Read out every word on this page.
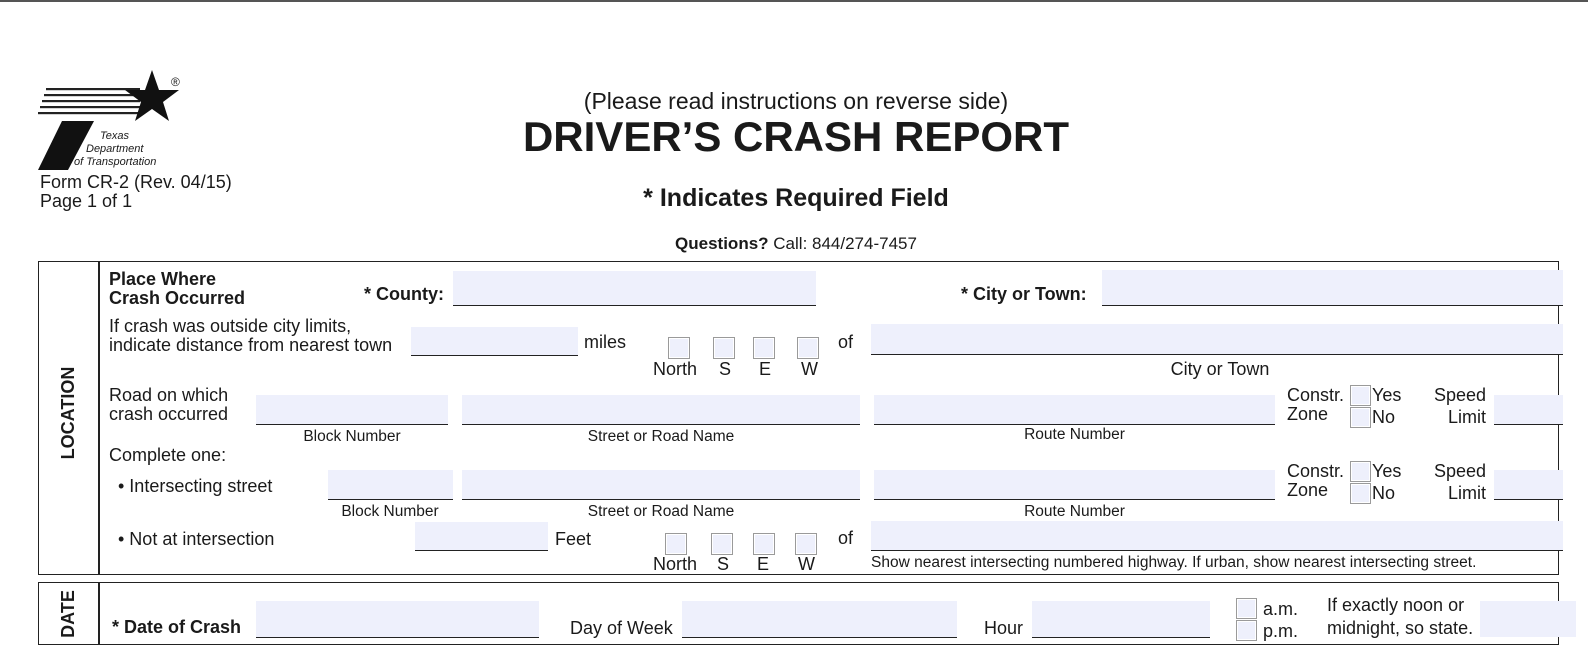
®
Texas
Department
of Transportation
Form CR-2 (Rev. 04/15)
Page 1 of 1
(Please read instructions on reverse side)
DRIVER’S CRASH REPORT
* Indicates Required Field
Questions? Call: 844/274-7457
LOCATION
Place Where
Crash Occurred	* County:	* City or Town:
If crash was outside city limits,
indicate distance from nearest town	miles
North S E W
of
City or Town
Road on which
crash occurred
Block Number	Street or Road Name	Route Number
Constr.
Zone
Yes
No
Speed
Limit
Complete one:
• Intersecting street
Block Number	Street or Road Name	Route Number
Constr.
Zone
Yes
No
Speed
Limit
• Not at intersection	Feet
North S E W
of
Show nearest intersecting numbered highway. If urban, show nearest intersecting street.
DATE * Date of Crash	Day of Week	Hour
a.m.
p.m.
If exactly noon or
midnight, so state.
